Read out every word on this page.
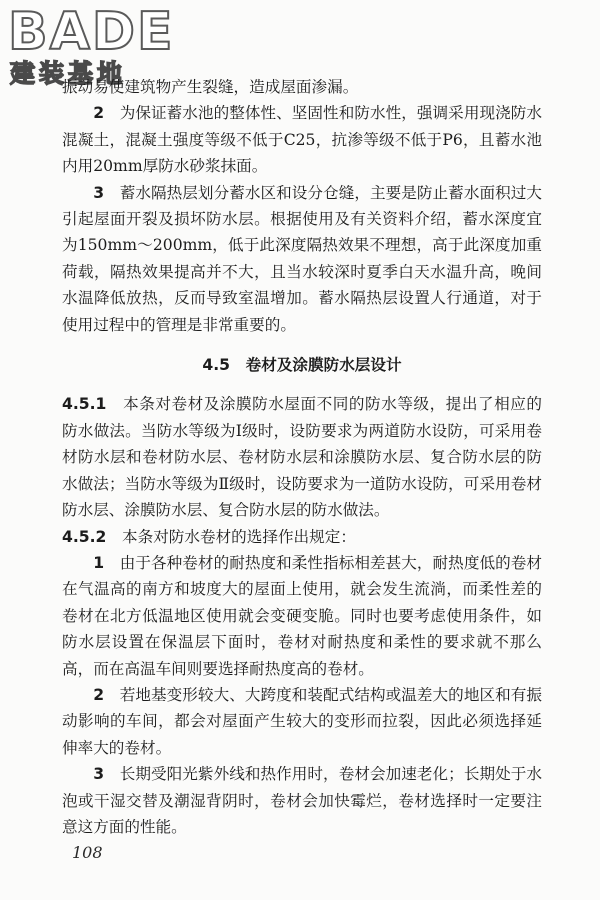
BADE
建装基地

振动易使建筑物产生裂缝，造成屋面渗漏。

2　 为保证蓄水池的整体性、坚固性和防水性，强调采用现浇防水混凝土，混凝土强度等级不低于C25，抗渗等级不低于P6，且蓄水池内用20mm厚防水砂浆抹面。

3　 蓄水隔热层划分蓄水区和设分仓缝，主要是防止蓄水面积过大引起屋面开裂及损坏防水层。根据使用及有关资料介绍，蓄水深度宜为150mm～200mm，低于此深度隔热效果不理想，高于此深度加重荷载，隔热效果提高并不大，且当水较深时夏季白天水温升高，晚间水温降低放热，反而导致室温增加。蓄水隔热层设置人行通道，对于使用过程中的管理是非常重要的。

4.5　 卷材及涂膜防水层设计

4.5.1　 本条对卷材及涂膜防水屋面不同的防水等级，提出了相应的防水做法。当防水等级为Ⅰ级时，设防要求为两道防水设防，可采用卷材防水层和卷材防水层、卷材防水层和涂膜防水层、复合防水层的防水做法；当防水等级为Ⅱ级时，设防要求为一道防水设防，可采用卷材防水层、涂膜防水层、复合防水层的防水做法。

4.5.2　 本条对防水卷材的选择作出规定：

1　 由于各种卷材的耐热度和柔性指标相差甚大，耐热度低的卷材在气温高的南方和坡度大的屋面上使用，就会发生流淌，而柔性差的卷材在北方低温地区使用就会变硬变脆。同时也要考虑使用条件，如防水层设置在保温层下面时，卷材对耐热度和柔性的要求就不那么高，而在高温车间则要选择耐热度高的卷材。

2　 若地基变形较大、大跨度和装配式结构或温差大的地区和有振动影响的车间，都会对屋面产生较大的变形而拉裂，因此必须选择延伸率大的卷材。

3　 长期受阳光紫外线和热作用时，卷材会加速老化；长期处于水泡或干湿交替及潮湿背阴时，卷材会加快霉烂，卷材选择时一定要注意这方面的性能。

108
